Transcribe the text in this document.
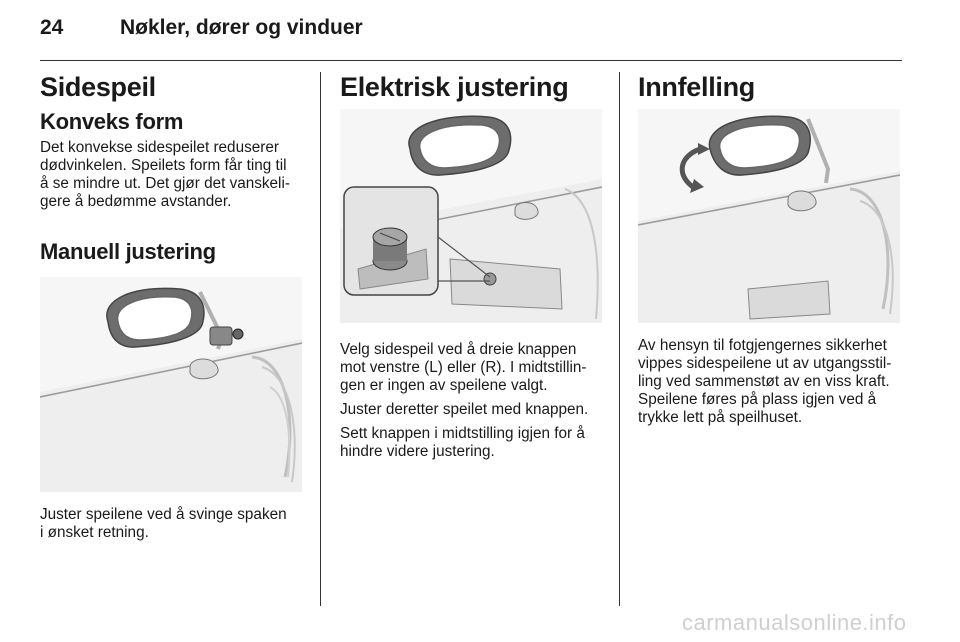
24	Nøkler, dører og vinduer
Sidespeil
Konveks form
Det konvekse sidespeilet reduserer
dødvinkelen. Speilets form får ting til
å se mindre ut. Det gjør det vanskeli-
gere å bedømme avstander.
Manuell justering
Juster speilene ved å svinge spaken
i ønsket retning.
Elektrisk justering
Velg sidespeil ved å dreie knappen
mot venstre (L) eller (R). I midtstillin-
gen er ingen av speilene valgt.
Juster deretter speilet med knappen.
Sett knappen i midtstilling igjen for å
hindre videre justering.
Innfelling
Av hensyn til fotgjengernes sikkerhet
vippes sidespeilene ut av utgangsstil-
ling ved sammenstøt av en viss kraft.
Speilene føres på plass igjen ved å
trykke lett på speilhuset.
carmanualsonline.info
